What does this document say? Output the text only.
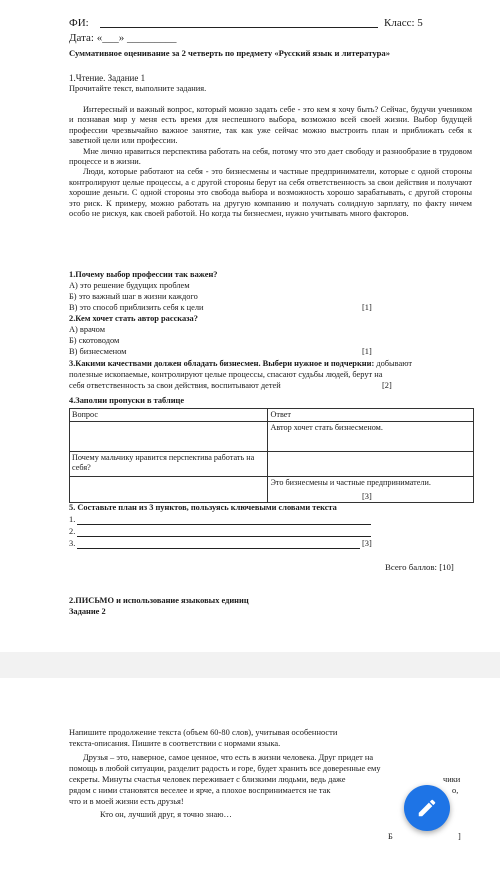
ФИ:	Класс: 5
Дата: «___» _________
Суммативное оценивание за 2 четверть по предмету «Русский язык и литература»
1.Чтение. Задание 1
Прочитайте текст, выполните задания.

Интересный и важный вопрос, который можно задать себе - это кем я хочу быть? Сейчас, будучи учеником и познавая мир у меня есть время для неспешного выбора, возможно всей своей жизни. Выбор будущей профессии чрезвычайно важное занятие, так как уже сейчас можно выстроить план и приближать себя к заветной цели или профессии.

Мне лично нравиться перспектива работать на себя, потому что это дает свободу и разнообразие в трудовом процессе и в жизни.

Люди, которые работают на себя - это бизнесмены и частные предприниматели, которые с одной стороны контролируют целые процессы, а с другой стороны берут на себя ответственность за свои действия и получают хорошие деньги. С одной стороны это свобода выбора и возможность хорошо зарабатывать, с другой стороны это риск. К примеру, можно работать на другую компанию и получать солидную зарплату, по факту ничем особо не рискуя, как своей работой. Но когда ты бизнесмен, нужно учитывать много факторов.

1.Почему выбор профессии так важен?
А) это решение будущих проблем
Б) это важный шаг в жизни каждого
В) это способ приблизить себя к цели	[1]
2.Кем хочет стать автор рассказа?
А) врачом
Б) скотоводом
В) бизнесменом	[1]
3.Какими качествами должен обладать бизнесмен. Выбери нужное и подчеркни: добывают
полезные ископаемые, контролируют целые процессы, спасают судьбы людей, берут на
себя ответственность за свои действия, воспитывают детей	[2]
4.Заполни пропуски в таблице
Вопрос	Ответ
	Автор хочет стать бизнесменом.
Почему мальчику нравится перспектива работать на себя?	
	Это бизнесмены и частные предприниматели.
[3]
5. Составьте план из 3 пунктов, пользуясь ключевыми словами текста
1.
2.
3.	[3]
Всего баллов: [10]
2.ПИСЬМО и использование языковых единиц
Задание 2
Напишите продолжение текста (объем 60-80 слов), учитывая особенности
текста-описания. Пишите в соответствии с нормами языка.
Друзья – это, наверное, самое ценное, что есть в жизни человека. Друг придет на
помощь в любой ситуации, разделит радость и горе, будет хранить все доверенные ему
секреты. Минуты счастья человек переживает с близкими людьми, ведь даже	чики
рядом с ними становятся веселее и ярче, а плохое воспринимается не так	о,
что и в моей жизни есть друзья!
Кто он, лучший друг, я точно знаю…
Б	]
